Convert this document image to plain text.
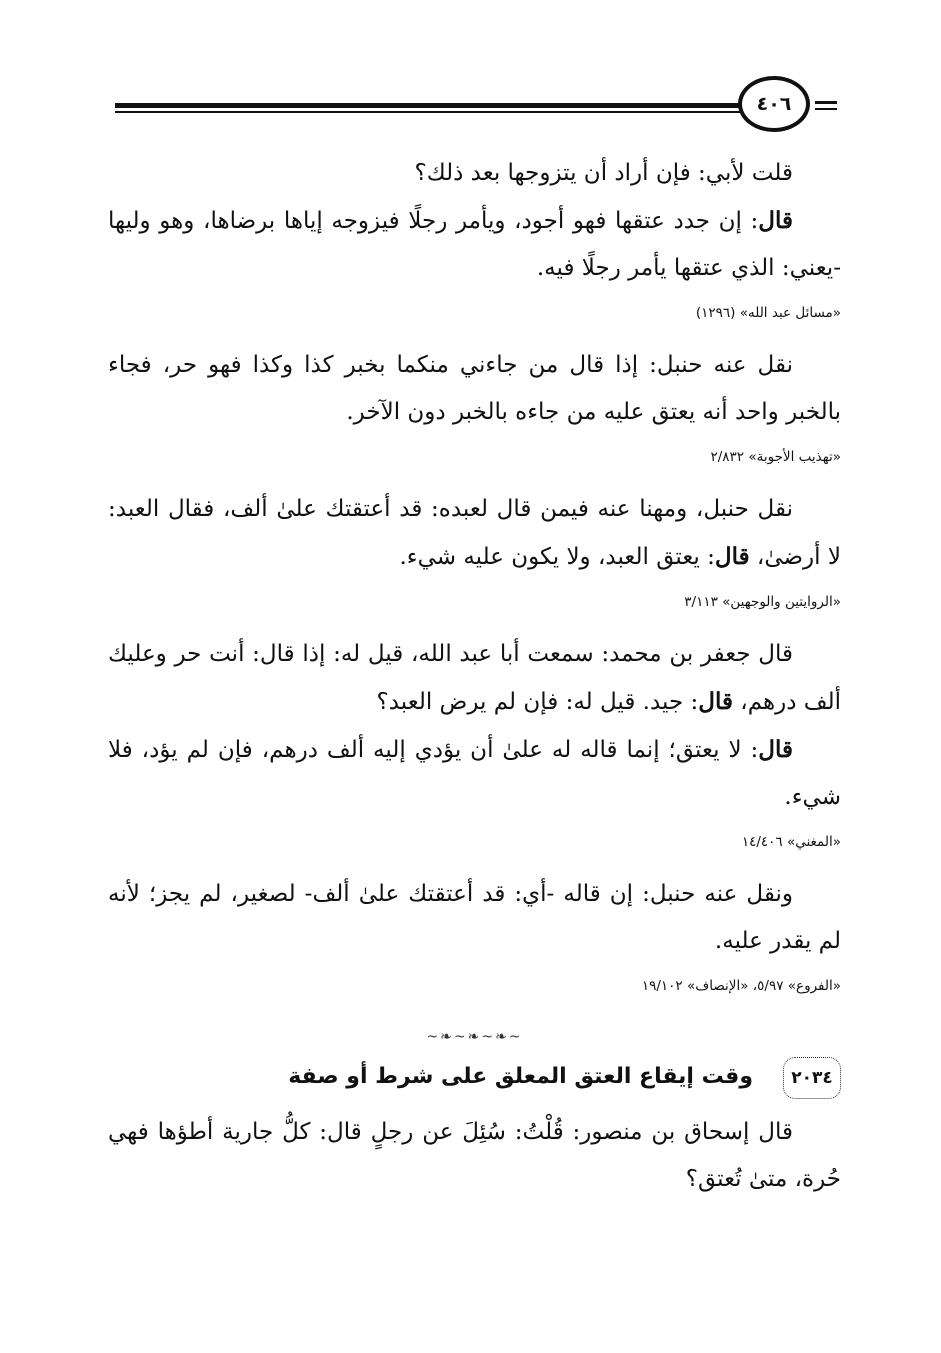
٤٠٦

قلت لأبي: فإن أراد أن يتزوجها بعد ذلك؟

قال: إن جدد عتقها فهو أجود، ويأمر رجلًا فيزوجه إياها برضاها، وهو وليها -يعني: الذي عتقها يأمر رجلًا فيه.

«مسائل عبد الله» (١٢٩٦)

نقل عنه حنبل: إذا قال من جاءني منكما بخبر كذا وكذا فهو حر، فجاء بالخبر واحد أنه يعتق عليه من جاءه بالخبر دون الآخر.

«تهذيب الأجوبة» ٢/٨٣٢

نقل حنبل، ومهنا عنه فيمن قال لعبده: قد أعتقتك علىٰ ألف، فقال العبد: لا أرضىٰ، قال: يعتق العبد، ولا يكون عليه شيء.

«الروايتين والوجهين» ٣/١١٣

قال جعفر بن محمد: سمعت أبا عبد الله، قيل له: إذا قال: أنت حر وعليك ألف درهم، قال: جيد. قيل له: فإن لم يرض العبد؟

قال: لا يعتق؛ إنما قاله له علىٰ أن يؤدي إليه ألف درهم، فإن لم يؤد، فلا شيء.

«المغني» ١٤/٤٠٦

ونقل عنه حنبل: إن قاله -أي: قد أعتقتك علىٰ ألف- لصغير، لم يجز؛ لأنه لم يقدر عليه.

«الفروع» ٥/٩٧، «الإنصاف» ١٩/١٠٢

~❧~❧~❧~
٢٠٣٤
وقت إيقاع العتق المعلق على شرط أو صفة

قال إسحاق بن منصور: قُلْتُ: سُئِلَ عن رجلٍ قال: كلُّ جارية أطؤها فهي حُرة، متىٰ تُعتق؟
